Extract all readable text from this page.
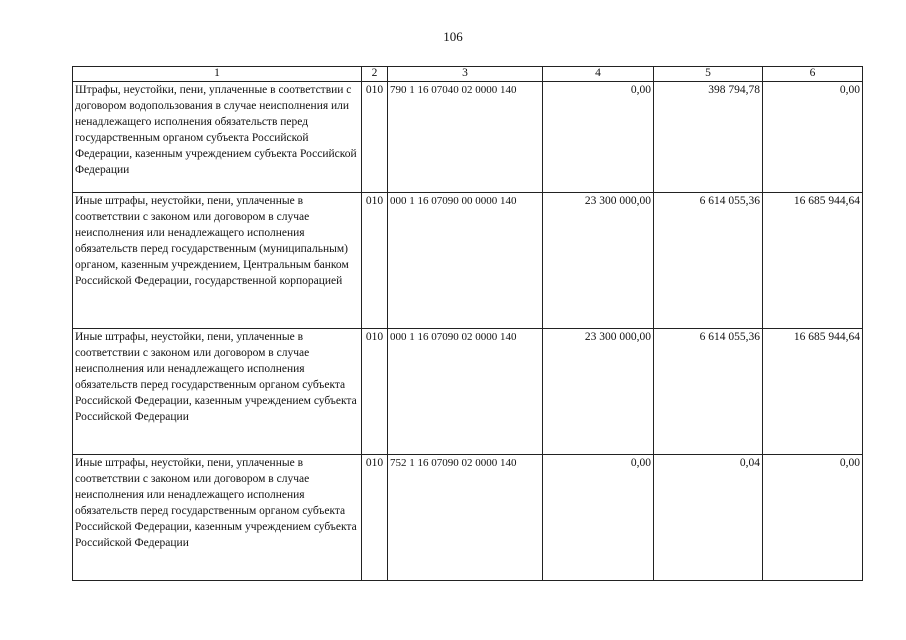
106
1	2	3	4	5	6
Штрафы, неустойки, пени, уплаченные в соответствии с договором водопользования в случае неисполнения или ненадлежащего исполнения обязательств перед государственным органом субъекта Российской Федерации, казенным учреждением субъекта Российской Федерации	010	790 1 16 07040 02 0000 140	0,00	398 794,78	0,00
Иные штрафы, неустойки, пени, уплаченные в соответствии с законом или договором в случае неисполнения или ненадлежащего исполнения обязательств перед государственным (муниципальным) органом, казенным учреждением, Центральным банком Российской Федерации, государственной корпорацией	010	000 1 16 07090 00 0000 140	23 300 000,00	6 614 055,36	16 685 944,64
Иные штрафы, неустойки, пени, уплаченные в соответствии с законом или договором в случае неисполнения или ненадлежащего исполнения обязательств перед государственным органом субъекта Российской Федерации, казенным учреждением субъекта Российской Федерации	010	000 1 16 07090 02 0000 140	23 300 000,00	6 614 055,36	16 685 944,64
Иные штрафы, неустойки, пени, уплаченные в соответствии с законом или договором в случае неисполнения или ненадлежащего исполнения обязательств перед государственным органом субъекта Российской Федерации, казенным учреждением субъекта Российской Федерации	010	752 1 16 07090 02 0000 140	0,00	0,04	0,00
